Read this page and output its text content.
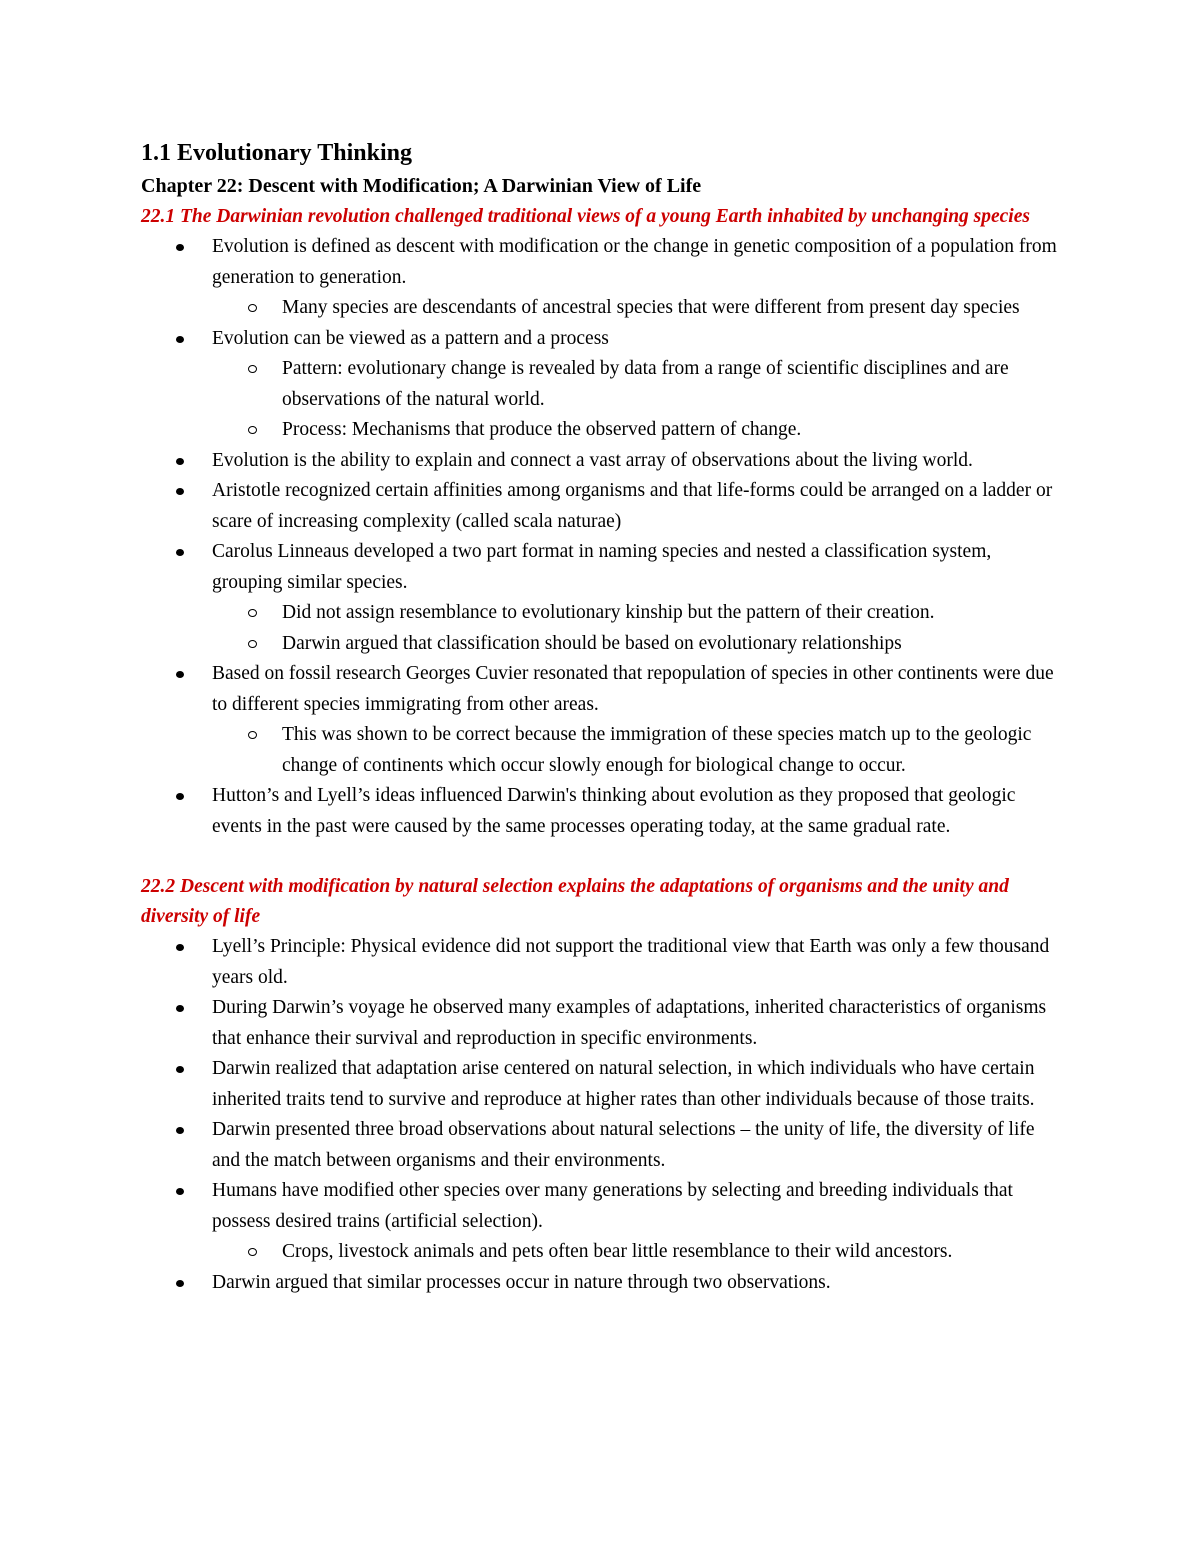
1.1 Evolutionary Thinking
Chapter 22: Descent with Modification; A Darwinian View of Life
22.1 The Darwinian revolution challenged traditional views of a young Earth inhabited by unchanging species
Evolution is defined as descent with modification or the change in genetic composition of a population from generation to generation.
Many species are descendants of ancestral species that were different from present day species
Evolution can be viewed as a pattern and a process
Pattern: evolutionary change is revealed by data from a range of scientific disciplines and are observations of the natural world.
Process: Mechanisms that produce the observed pattern of change.
Evolution is the ability to explain and connect a vast array of observations about the living world.
Aristotle recognized certain affinities among organisms and that life-forms could be arranged on a ladder or scare of increasing complexity (called scala naturae)
Carolus Linneaus developed a two part format in naming species and nested a classification system, grouping similar species.
Did not assign resemblance to evolutionary kinship but the pattern of their creation.
Darwin argued that classification should be based on evolutionary relationships
Based on fossil research Georges Cuvier resonated that repopulation of species in other continents were due to different species immigrating from other areas.
This was shown to be correct because the immigration of these species match up to the geologic change of continents which occur slowly enough for biological change to occur.
Hutton’s and Lyell’s ideas influenced Darwin's thinking about evolution as they proposed that geologic events in the past were caused by the same processes operating today, at the same gradual rate.
22.2 Descent with modification by natural selection explains the adaptations of organisms and the unity and diversity of life
Lyell’s Principle: Physical evidence did not support the traditional view that Earth was only a few thousand years old.
During Darwin’s voyage he observed many examples of adaptations, inherited characteristics of organisms that enhance their survival and reproduction in specific environments.
Darwin realized that adaptation arise centered on natural selection, in which individuals who have certain inherited traits tend to survive and reproduce at higher rates than other individuals because of those traits.
Darwin presented three broad observations about natural selections – the unity of life, the diversity of life and the match between organisms and their environments.
Humans have modified other species over many generations by selecting and breeding individuals that possess desired trains (artificial selection).
Crops, livestock animals and pets often bear little resemblance to their wild ancestors.
Darwin argued that similar processes occur in nature through two observations.
